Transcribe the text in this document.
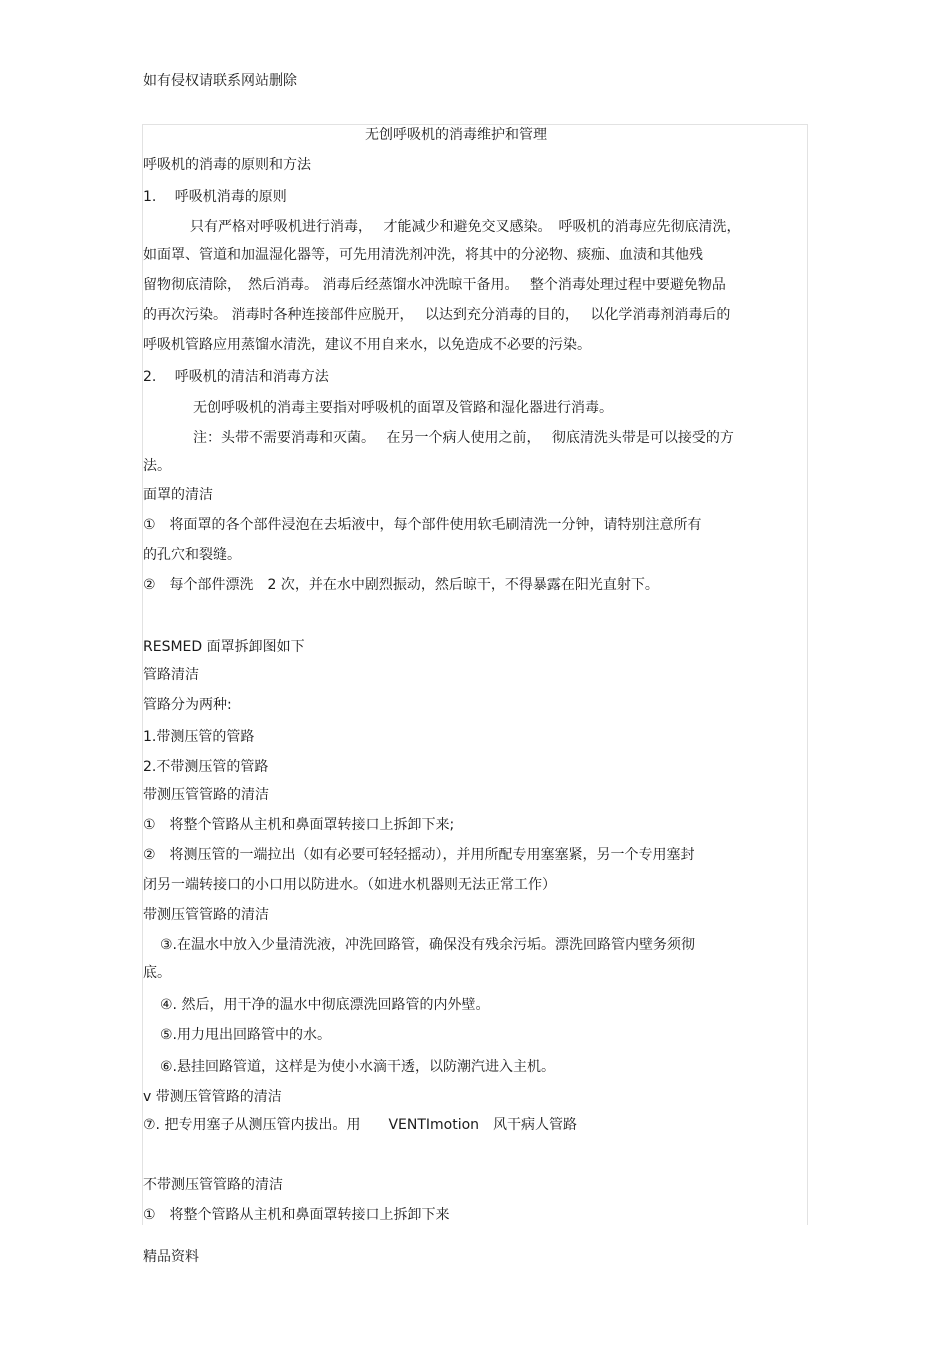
如有侵权请联系网站删除
无创呼吸机的消毒维护和管理
呼吸机的消毒的原则和方法
1.　 呼吸机消毒的原则
只有严格对呼吸机进行消毒，　 才能减少和避免交叉感染。　呼吸机的消毒应先彻底清洗，
如面罩、管道和加温湿化器等，可先用清洗剂冲洗，将其中的分泌物、痰痂、血渍和其他残
留物彻底清除，　然后消毒。 消毒后经蒸馏水冲洗晾干备用。　 整个消毒处理过程中要避免物品
的再次污染。 消毒时各种连接部件应脱开，　 以达到充分消毒的目的，　 以化学消毒剂消毒后的
呼吸机管路应用蒸馏水清洗，建议不用自来水，以免造成不必要的污染。
2.　 呼吸机的清洁和消毒方法
无创呼吸机的消毒主要指对呼吸机的面罩及管路和湿化器进行消毒。
注：头带不需要消毒和灭菌。　 在另一个病人使用之前，　 彻底清洗头带是可以接受的方
法。
面罩的清洁
①　将面罩的各个部件浸泡在去垢液中，每个部件使用软毛刷清洗一分钟，请特别注意所有
的孔穴和裂缝。
②　每个部件漂洗　2 次，并在水中剧烈振动，然后晾干，不得暴露在阳光直射下。
RESMED 面罩拆卸图如下
管路清洁
管路分为两种:
1.带测压管的管路
2.不带测压管的管路
带测压管管路的清洁
①　将整个管路从主机和鼻面罩转接口上拆卸下来;
②　将测压管的一端拉出（如有必要可轻轻摇动），并用所配专用塞塞紧，另一个专用塞封
闭另一端转接口的小口用以防进水。（如进水机器则无法正常工作）
带测压管管路的清洁
③.在温水中放入少量清洗液，冲洗回路管，确保没有残余污垢。漂洗回路管内壁务须彻
底。
④. 然后，用干净的温水中彻底漂洗回路管的内外壁。
⑤.用力甩出回路管中的水。
⑥.悬挂回路管道，这样是为使小水滴干透，以防潮汽进入主机。
v 带测压管管路的清洁
⑦. 把专用塞子从测压管内拔出。用　　VENTImotion　风干病人管路
不带测压管管路的清洁
①　将整个管路从主机和鼻面罩转接口上拆卸下来
精品资料
